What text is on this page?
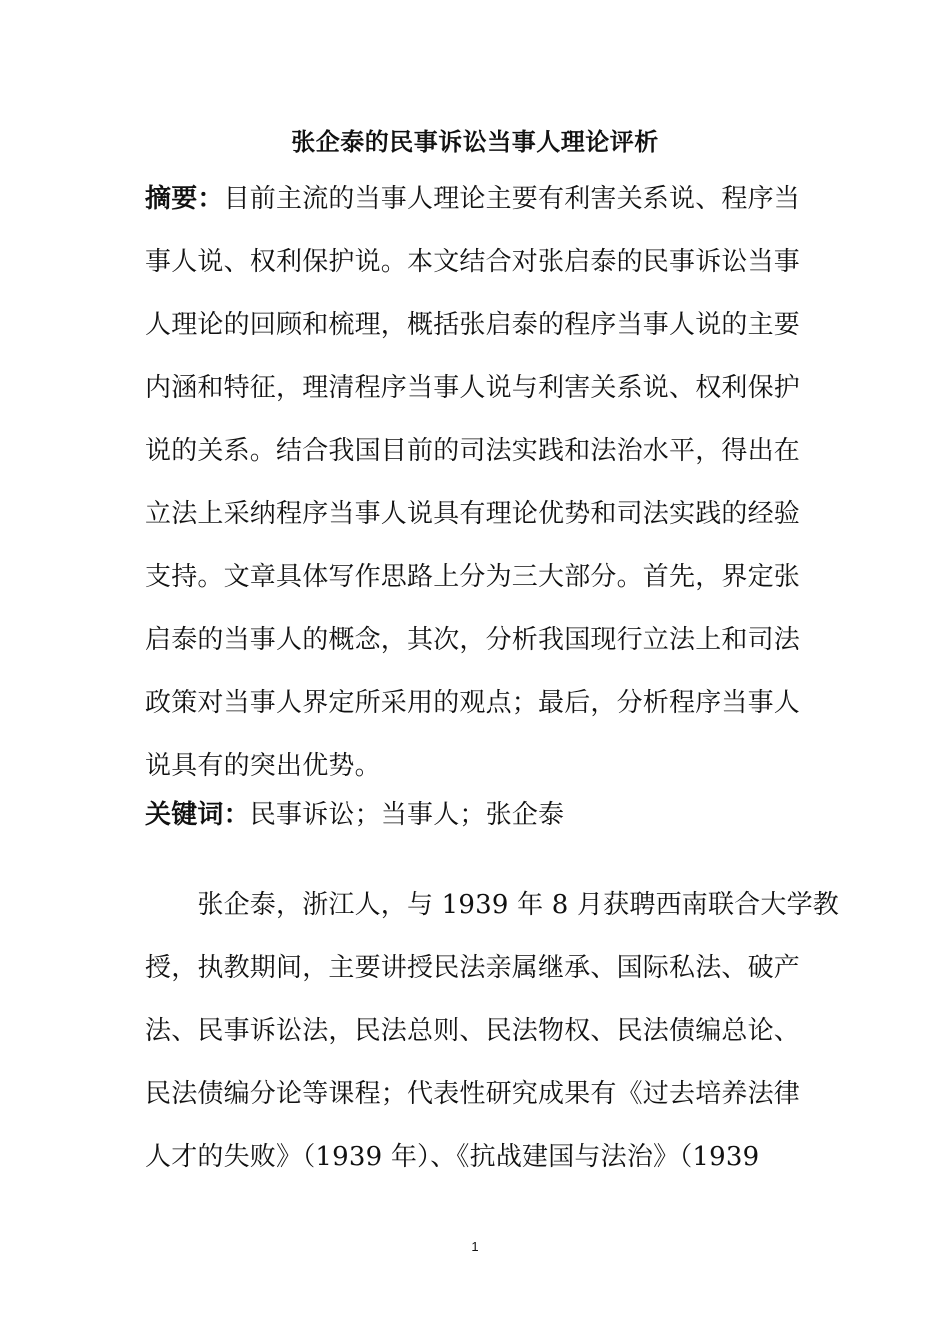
张企泰的民事诉讼当事人理论评析
摘要：目前主流的当事人理论主要有利害关系说、程序当
事人说、权利保护说。本文结合对张启泰的民事诉讼当事
人理论的回顾和梳理，概括张启泰的程序当事人说的主要
内涵和特征，理清程序当事人说与利害关系说、权利保护
说的关系。结合我国目前的司法实践和法治水平，得出在
立法上采纳程序当事人说具有理论优势和司法实践的经验
支持。文章具体写作思路上分为三大部分。首先，界定张
启泰的当事人的概念，其次，分析我国现行立法上和司法
政策对当事人界定所采用的观点；最后，分析程序当事人
说具有的突出优势。
关键词：民事诉讼；当事人；张企泰
　　张企泰，浙江人，与 1939 年 8 月获聘西南联合大学教
授，执教期间，主要讲授民法亲属继承、国际私法、破产
法、民事诉讼法，民法总则、民法物权、民法债编总论、
民法债编分论等课程；代表性研究成果有《过去培养法律
人才的失败》（1939 年）、《抗战建国与法治》（1939
1
